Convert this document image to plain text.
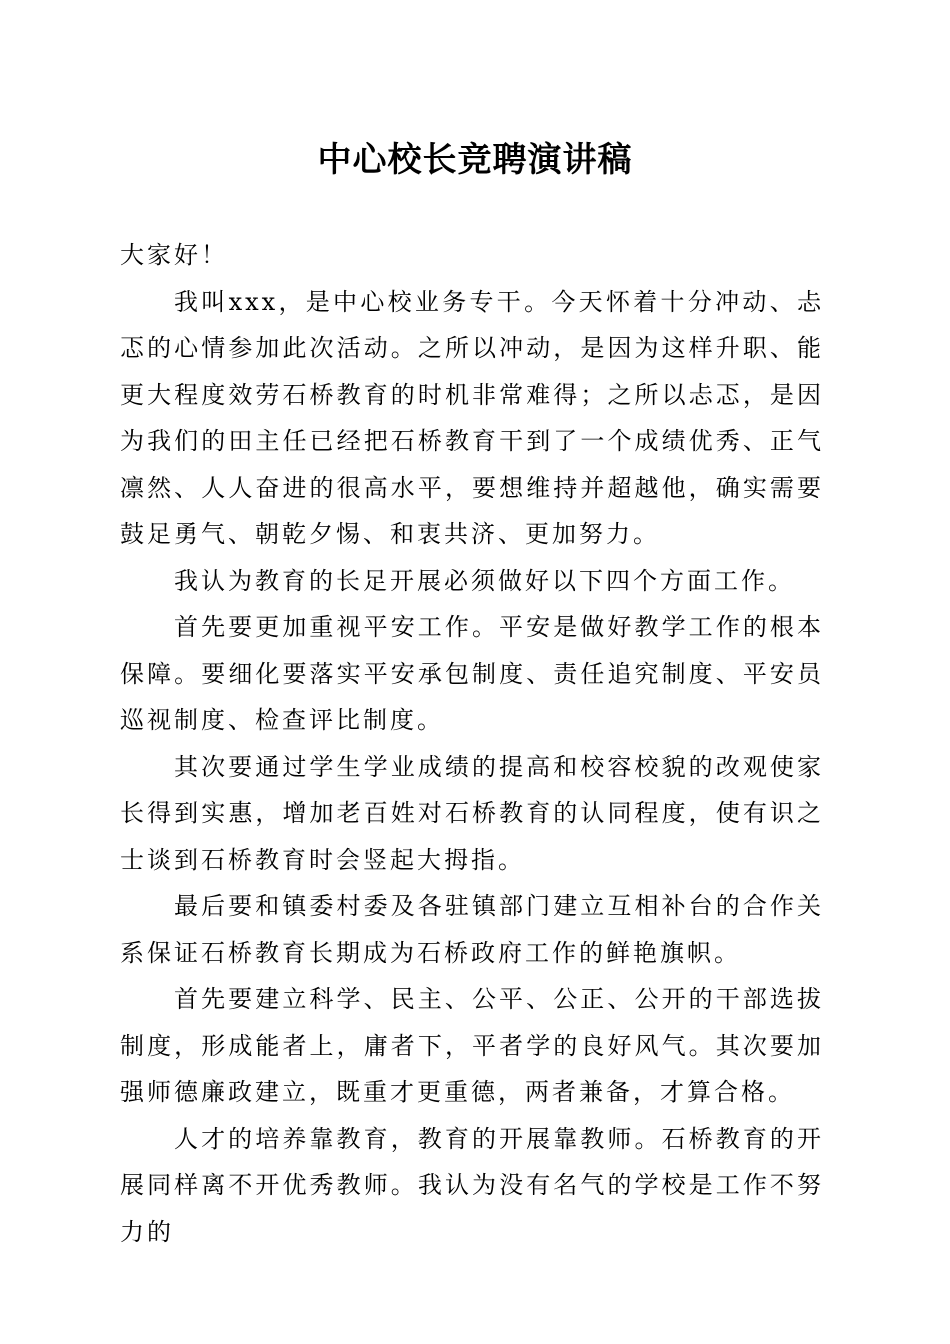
中心校长竞聘演讲稿

大家好！

我叫xxx，是中心校业务专干。今天怀着十分冲动、忐忑的心情参加此次活动。之所以冲动，是因为这样升职、能更大程度效劳石桥教育的时机非常难得；之所以忐忑，是因为我们的田主任已经把石桥教育干到了一个成绩优秀、正气凛然、人人奋进的很高水平，要想维持并超越他，确实需要鼓足勇气、朝乾夕惕、和衷共济、更加努力。

我认为教育的长足开展必须做好以下四个方面工作。

首先要更加重视平安工作。平安是做好教学工作的根本保障。要细化要落实平安承包制度、责任追究制度、平安员巡视制度、检查评比制度。

其次要通过学生学业成绩的提高和校容校貌的改观使家长得到实惠，增加老百姓对石桥教育的认同程度，使有识之士谈到石桥教育时会竖起大拇指。

最后要和镇委村委及各驻镇部门建立互相补台的合作关系保证石桥教育长期成为石桥政府工作的鲜艳旗帜。

首先要建立科学、民主、公平、公正、公开的干部选拔制度，形成能者上，庸者下，平者学的良好风气。其次要加强师德廉政建立，既重才更重德，两者兼备，才算合格。

人才的培养靠教育，教育的开展靠教师。石桥教育的开展同样离不开优秀教师。我认为没有名气的学校是工作不努力的
